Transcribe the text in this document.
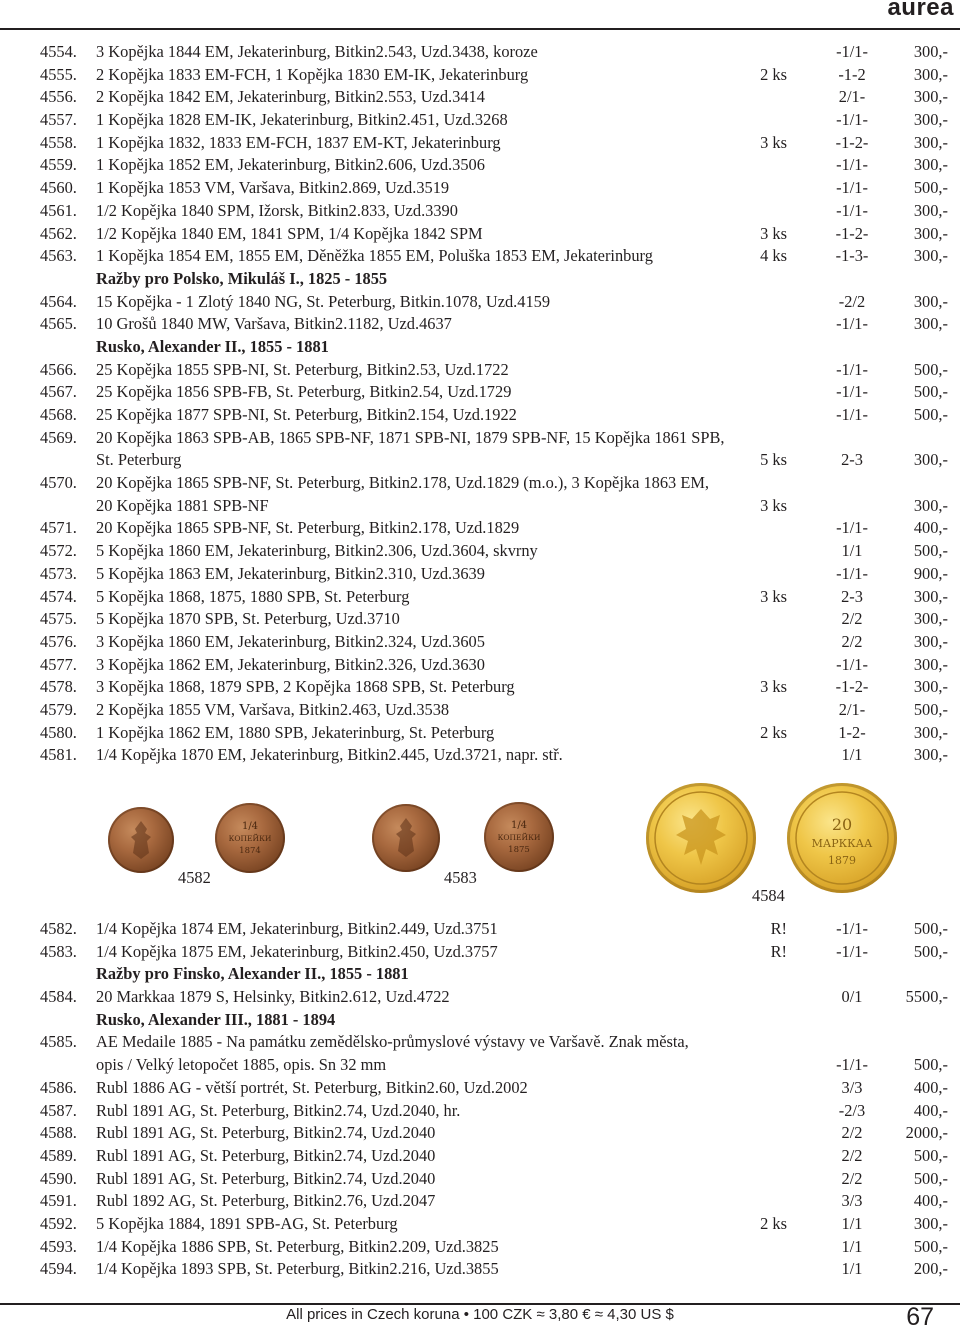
aurea
4554. 3 Kopějka 1844 EM, Jekaterinburg, Bitkin2.543, Uzd.3438, koroze	-1/1-	300,-
4555. 2 Kopějka 1833 EM-FCH, 1 Kopějka 1830 EM-IK, Jekaterinburg	2 ks	-1-2	300,-
4556. 2 Kopějka 1842 EM, Jekaterinburg, Bitkin2.553, Uzd.3414	2/1-	300,-
4557. 1 Kopějka 1828 EM-IK, Jekaterinburg, Bitkin2.451, Uzd.3268	-1/1-	300,-
4558. 1 Kopějka 1832, 1833 EM-FCH, 1837 EM-KT, Jekaterinburg	3 ks	-1-2-	300,-
4559. 1 Kopějka 1852 EM, Jekaterinburg, Bitkin2.606, Uzd.3506	-1/1-	300,-
4560. 1 Kopějka 1853 VM, Varšava, Bitkin2.869, Uzd.3519	-1/1-	500,-
4561. 1/2 Kopějka 1840 SPM, Ižorsk, Bitkin2.833, Uzd.3390	-1/1-	300,-
4562. 1/2 Kopějka 1840 EM, 1841 SPM, 1/4 Kopějka 1842 SPM	3 ks	-1-2-	300,-
4563. 1 Kopějka 1854 EM, 1855 EM, Děněžka 1855 EM, Poluška 1853 EM, Jekaterinburg	4 ks	-1-3-	300,-
Ražby pro Polsko, Mikuláš I., 1825 - 1855
4564. 15 Kopějka - 1 Zlotý 1840 NG, St. Peterburg, Bitkin.1078, Uzd.4159	-2/2	300,-
4565. 10 Grošů 1840 MW, Varšava, Bitkin2.1182, Uzd.4637	-1/1-	300,-
Rusko, Alexander II., 1855 - 1881
4566. 25 Kopějka 1855 SPB-NI, St. Peterburg, Bitkin2.53, Uzd.1722	-1/1-	500,-
4567. 25 Kopějka 1856 SPB-FB, St. Peterburg, Bitkin2.54, Uzd.1729	-1/1-	500,-
4568. 25 Kopějka 1877 SPB-NI, St. Peterburg, Bitkin2.154, Uzd.1922	-1/1-	500,-
4569. 20 Kopějka 1863 SPB-AB, 1865 SPB-NF, 1871 SPB-NI, 1879 SPB-NF, 15 Kopějka 1861 SPB,
St. Peterburg	5 ks	2-3	300,-
4570. 20 Kopějka 1865 SPB-NF, St. Peterburg, Bitkin2.178, Uzd.1829 (m.o.), 3 Kopějka 1863 EM,
20 Kopějka 1881 SPB-NF	3 ks	300,-
4571. 20 Kopějka 1865 SPB-NF, St. Peterburg, Bitkin2.178, Uzd.1829	-1/1-	400,-
4572. 5 Kopějka 1860 EM, Jekaterinburg, Bitkin2.306, Uzd.3604, skvrny	1/1	500,-
4573. 5 Kopějka 1863 EM, Jekaterinburg, Bitkin2.310, Uzd.3639	-1/1-	900,-
4574. 5 Kopějka 1868, 1875, 1880 SPB, St. Peterburg	3 ks	2-3	300,-
4575. 5 Kopějka 1870 SPB, St. Peterburg, Uzd.3710	2/2	300,-
4576. 3 Kopějka 1860 EM, Jekaterinburg, Bitkin2.324, Uzd.3605	2/2	300,-
4577. 3 Kopějka 1862 EM, Jekaterinburg, Bitkin2.326, Uzd.3630	-1/1-	300,-
4578. 3 Kopějka 1868, 1879 SPB, 2 Kopějka 1868 SPB, St. Peterburg	3 ks	-1-2-	300,-
4579. 2 Kopějka 1855 VM, Varšava, Bitkin2.463, Uzd.3538	2/1-	500,-
4580. 1 Kopějka 1862 EM, 1880 SPB, Jekaterinburg, St. Peterburg	2 ks	1-2-	300,-
4581. 1/4 Kopějka 1870 EM, Jekaterinburg, Bitkin2.445, Uzd.3721, napr. stř.	1/1	300,-
1/4
КОПЕЙКИ
1874
4582
1/4
КОПЕЙКИ
1875
4583
20
МАРККАА
1879
4584
4582. 1/4 Kopějka 1874 EM, Jekaterinburg, Bitkin2.449, Uzd.3751	R!	-1/1-	500,-
4583. 1/4 Kopějka 1875 EM, Jekaterinburg, Bitkin2.450, Uzd.3757	R!	-1/1-	500,-
Ražby pro Finsko, Alexander II., 1855 - 1881
4584. 20 Markkaa 1879 S, Helsinky, Bitkin2.612, Uzd.4722	0/1	5500,-
Rusko, Alexander III., 1881 - 1894
4585. AE Medaile 1885 - Na památku zemědělsko-průmyslové výstavy ve Varšavě. Znak města,
opis / Velký letopočet 1885, opis. Sn 32 mm	-1/1-	500,-
4586. Rubl 1886 AG - větší portrét, St. Peterburg, Bitkin2.60, Uzd.2002	3/3	400,-
4587. Rubl 1891 AG, St. Peterburg, Bitkin2.74, Uzd.2040, hr.	-2/3	400,-
4588. Rubl 1891 AG, St. Peterburg, Bitkin2.74, Uzd.2040	2/2	2000,-
4589. Rubl 1891 AG, St. Peterburg, Bitkin2.74, Uzd.2040	2/2	500,-
4590. Rubl 1891 AG, St. Peterburg, Bitkin2.74, Uzd.2040	2/2	500,-
4591. Rubl 1892 AG, St. Peterburg, Bitkin2.76, Uzd.2047	3/3	400,-
4592. 5 Kopějka 1884, 1891 SPB-AG, St. Peterburg	2 ks	1/1	300,-
4593. 1/4 Kopějka 1886 SPB, St. Peterburg, Bitkin2.209, Uzd.3825	1/1	500,-
4594. 1/4 Kopějka 1893 SPB, St. Peterburg, Bitkin2.216, Uzd.3855	1/1	200,-
All prices in Czech koruna • 100 CZK ≈ 3,80 € ≈ 4,30 US $	67
